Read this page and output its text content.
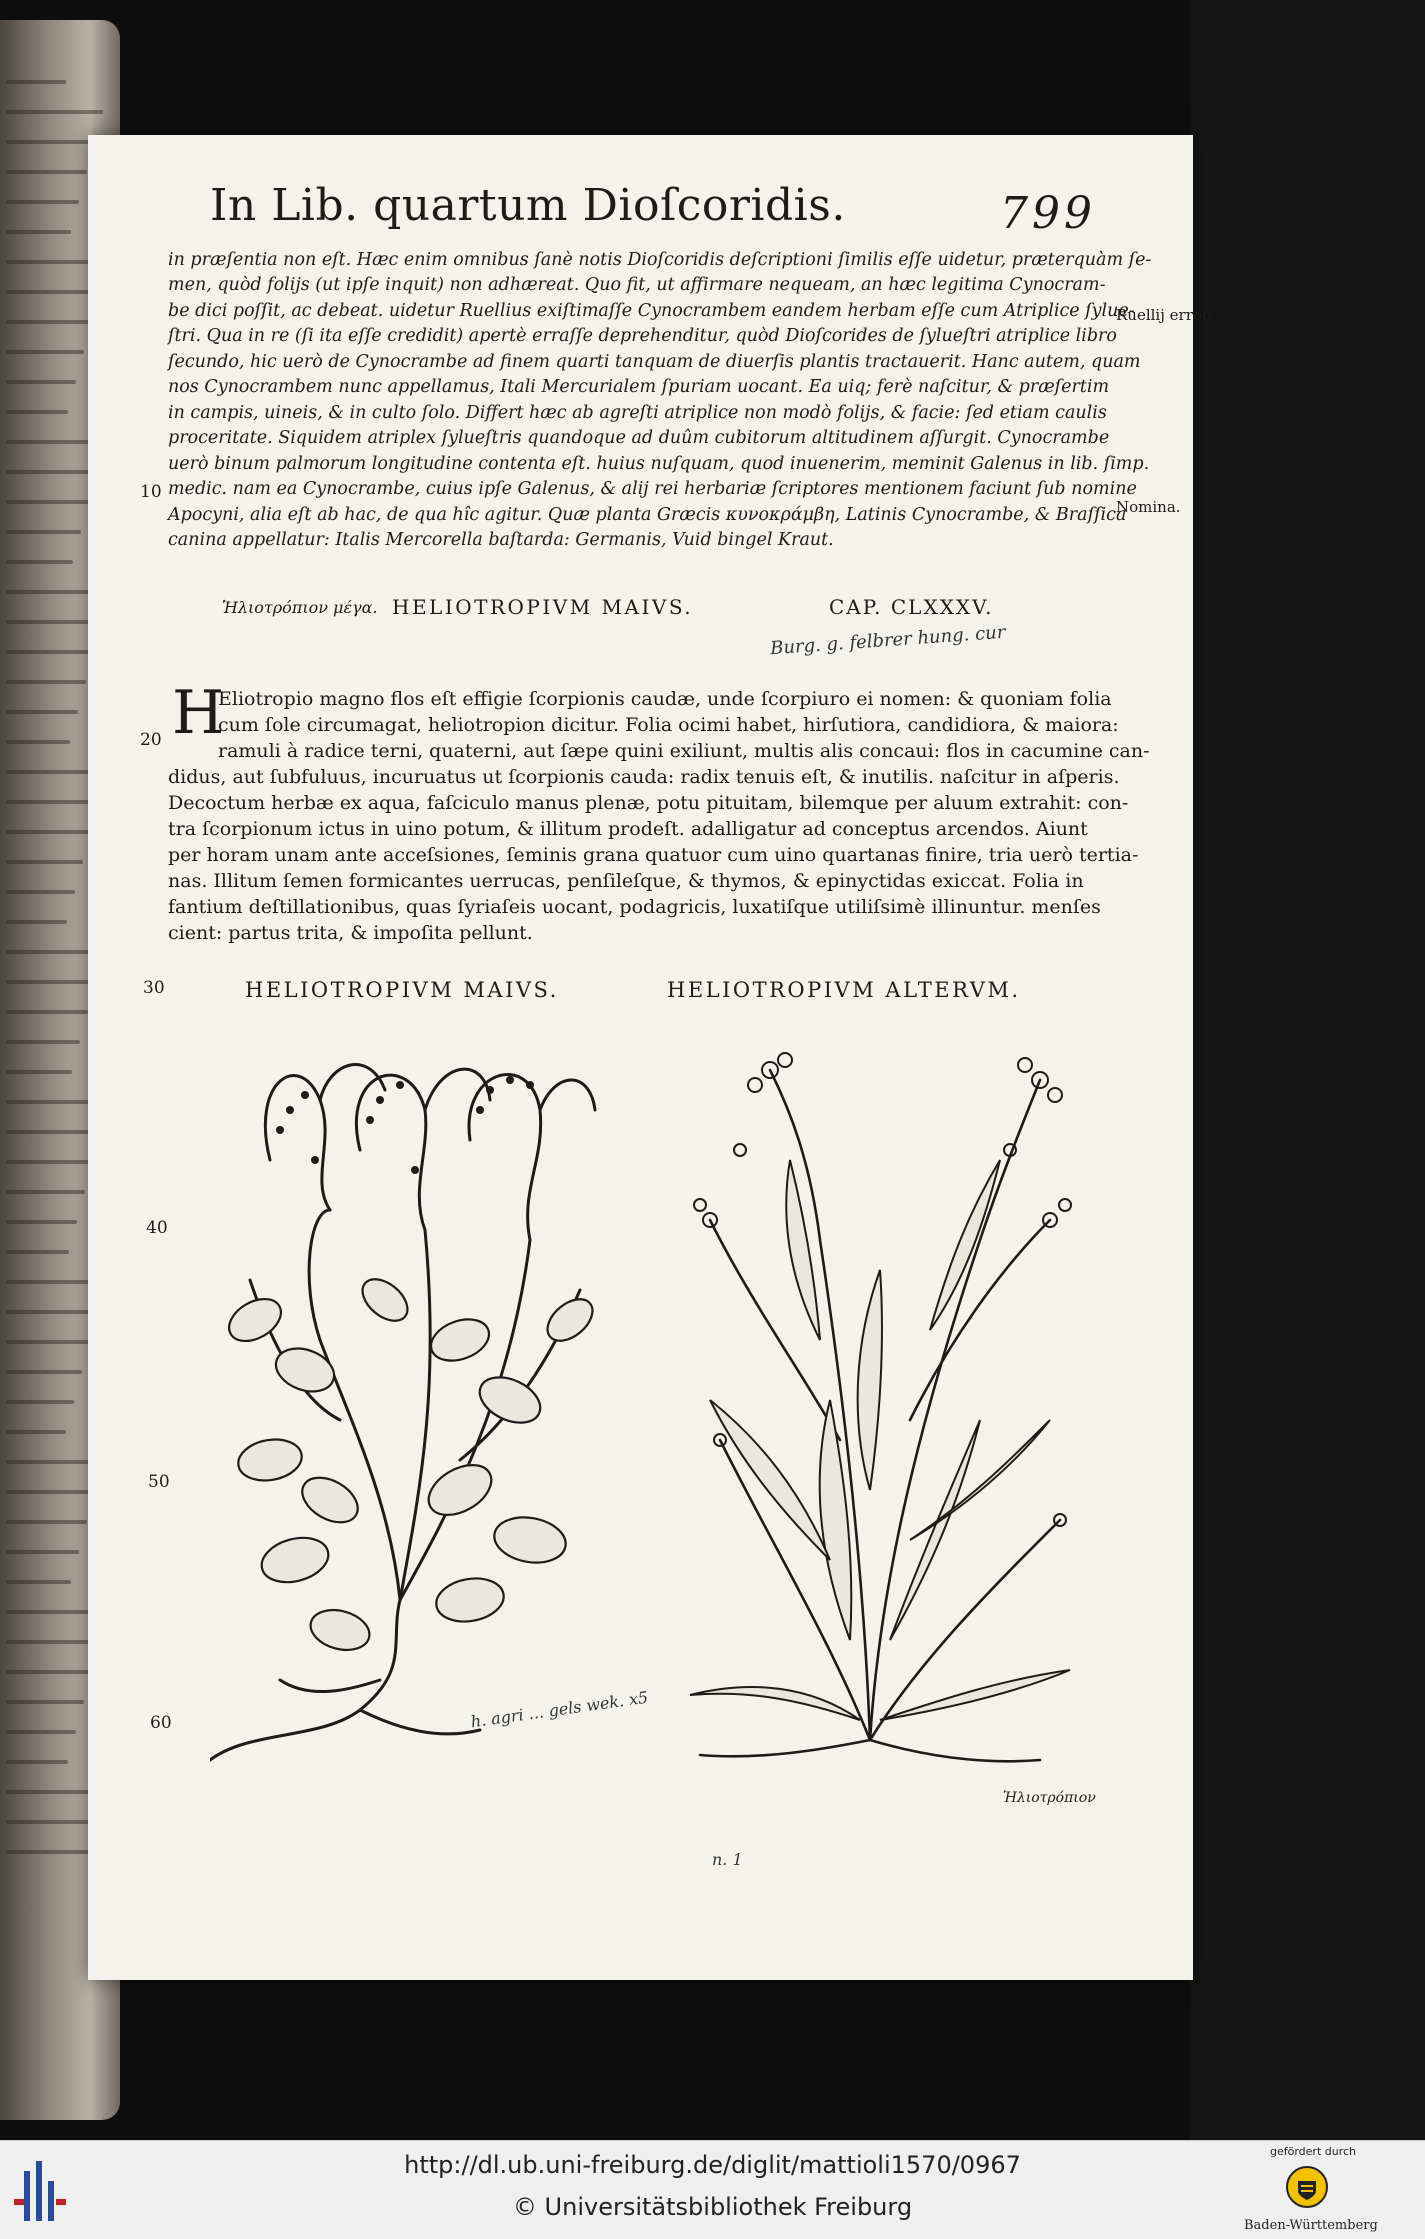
In Lib. quartum Dioſcoridis.	799
in præſentia non eſt. Hæc enim omnibus ſanè notis Dioſcoridis deſcriptioni ſimilis eſſe uidetur, præterquàm ſe-
men, quòd folijs (ut ipſe inquit) non adhæreat. Quo fit, ut affirmare nequeam, an hæc legitima Cynocram-
be dici poſſit, ac debeat. uidetur Ruellius exiſtimaſſe Cynocrambem eandem herbam eſſe cum Atriplice ſylue-
ſtri. Qua in re (ſi ita eſſe credidit) apertè erraſſe deprehenditur, quòd Dioſcorides de ſylueſtri atriplice libro
ſecundo, hic uerò de Cynocrambe ad finem quarti tanquam de diuerſis plantis tractauerit. Hanc autem, quam
nos Cynocrambem nunc appellamus, Itali Mercurialem ſpuriam uocant. Ea uiq; ferè naſcitur, & præſertim
in campis, uineis, & in culto ſolo. Differt hæc ab agreſti atriplice non modò folijs, & facie: ſed etiam caulis
proceritate. Siquidem atriplex ſylueſtris quandoque ad duûm cubitorum altitudinem aſſurgit. Cynocrambe
uerò binum palmorum longitudine contenta eſt. huius nuſquam, quod inuenerim, meminit Galenus in lib. ſimp.
medic. nam ea Cynocrambe, cuius ipſe Galenus, & alij rei herbariæ ſcriptores mentionem faciunt ſub nomine
Apocyni, alia eſt ab hac, de qua hîc agitur. Quæ planta Græcis κυνοκράμβη, Latinis Cynocrambe, & Braſſica
canina appellatur: Italis Mercorella baſtarda: Germanis, Vuid bingel Kraut.
Ruellij error.
Nomina.
10
20
30
40
50
60
Ἡλιοτρόπιον μέγα. HELIOTROPIVM MAIVS.	CAP. CLXXXV.
Burg. g. felbrer hung. cur
H
Eliotropio magno flos eſt effigie ſcorpionis caudæ, unde ſcorpiuro ei nomen: & quoniam folia
cum ſole circumagat, heliotropion dicitur. Folia ocimi habet, hirſutiora, candidiora, & maiora:
ramuli à radice terni, quaterni, aut ſæpe quini exiliunt, multis alis concaui: flos in cacumine can-
didus, aut ſubfuluus, incuruatus ut ſcorpionis cauda: radix tenuis eſt, & inutilis. naſcitur in aſperis.
Decoctum herbæ ex aqua, faſciculo manus plenæ, potu pituitam, bilemque per aluum extrahit: con-
tra ſcorpionum ictus in uino potum, & illitum prodeſt. adalligatur ad conceptus arcendos. Aiunt
per horam unam ante acceſsiones, ſeminis grana quatuor cum uino quartanas finire, tria uerò tertia-
nas. Illitum ſemen formicantes uerrucas, penſileſque, & thymos, & epinyctidas exiccat. Folia in
fantium deſtillationibus, quas ſyriaſeis uocant, podagricis, luxatiſque utiliſsimè illinuntur. menſes
cient: partus trita, & impoſita pellunt.
HELIOTROPIVM MAIVS.	HELIOTROPIVM ALTERVM.
Ἡλιοτρόπιον
h. agri ... gels wek. x5
n. 1
http://dl.ub.uni-freiburg.de/diglit/mattioli1570/0967
© Universitätsbibliothek Freiburg
gefördert durch
Baden-Württemberg
